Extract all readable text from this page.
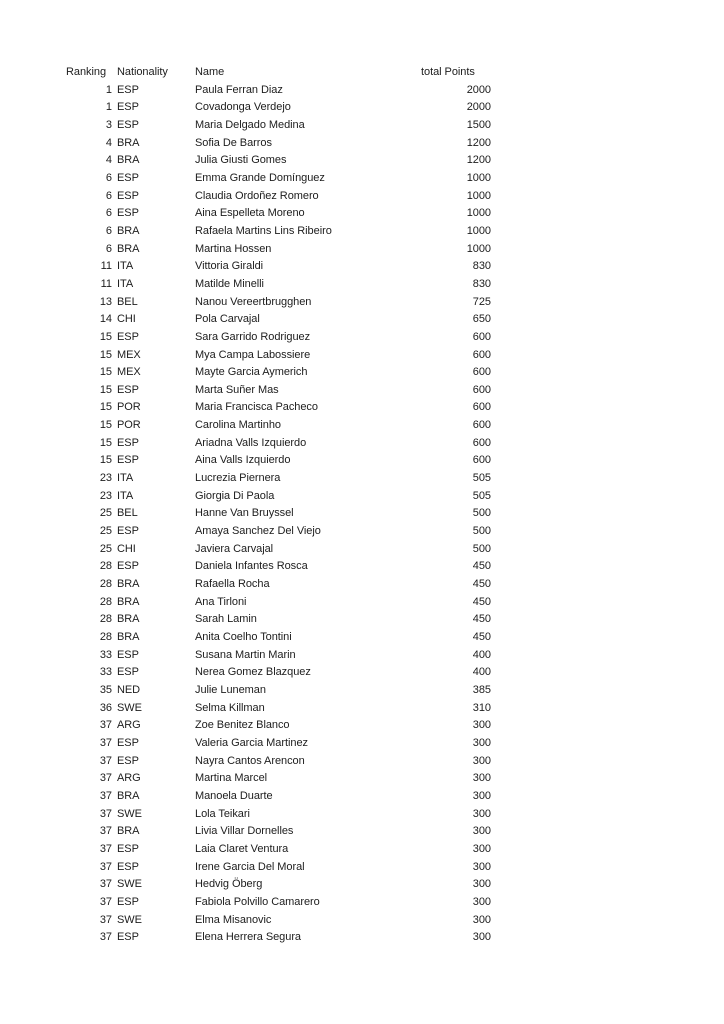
Ranking Nationality	Name	total Points
1 ESP	Paula Ferran Diaz	2000
1 ESP	Covadonga Verdejo	2000
3 ESP	Maria Delgado Medina	1500
4 BRA	Sofia De Barros	1200
4 BRA	Julia Giusti Gomes	1200
6 ESP	Emma Grande Domínguez	1000
6 ESP	Claudia Ordoñez Romero	1000
6 ESP	Aina Espelleta Moreno	1000
6 BRA	Rafaela Martins Lins Ribeiro	1000
6 BRA	Martina Hossen	1000
11 ITA	Vittoria Giraldi	830
11 ITA	Matilde Minelli	830
13 BEL	Nanou Vereertbrugghen	725
14 CHI	Pola Carvajal	650
15 ESP	Sara Garrido Rodriguez	600
15 MEX	Mya Campa Labossiere	600
15 MEX	Mayte Garcia Aymerich	600
15 ESP	Marta Suñer Mas	600
15 POR	Maria Francisca Pacheco	600
15 POR	Carolina Martinho	600
15 ESP	Ariadna Valls Izquierdo	600
15 ESP	Aina Valls Izquierdo	600
23 ITA	Lucrezia Piernera	505
23 ITA	Giorgia Di Paola	505
25 BEL	Hanne Van Bruyssel	500
25 ESP	Amaya Sanchez Del Viejo	500
25 CHI	Javiera Carvajal	500
28 ESP	Daniela Infantes Rosca	450
28 BRA	Rafaella Rocha	450
28 BRA	Ana Tirloni	450
28 BRA	Sarah Lamin	450
28 BRA	Anita Coelho Tontini	450
33 ESP	Susana Martin Marin	400
33 ESP	Nerea Gomez Blazquez	400
35 NED	Julie Luneman	385
36 SWE	Selma Killman	310
37 ARG	Zoe Benitez Blanco	300
37 ESP	Valeria Garcia Martinez	300
37 ESP	Nayra Cantos Arencon	300
37 ARG	Martina Marcel	300
37 BRA	Manoela Duarte	300
37 SWE	Lola Teikari	300
37 BRA	Livia Villar Dornelles	300
37 ESP	Laia Claret Ventura	300
37 ESP	Irene Garcia Del Moral	300
37 SWE	Hedvig Öberg	300
37 ESP	Fabiola Polvillo Camarero	300
37 SWE	Elma Misanovic	300
37 ESP	Elena Herrera Segura	300
